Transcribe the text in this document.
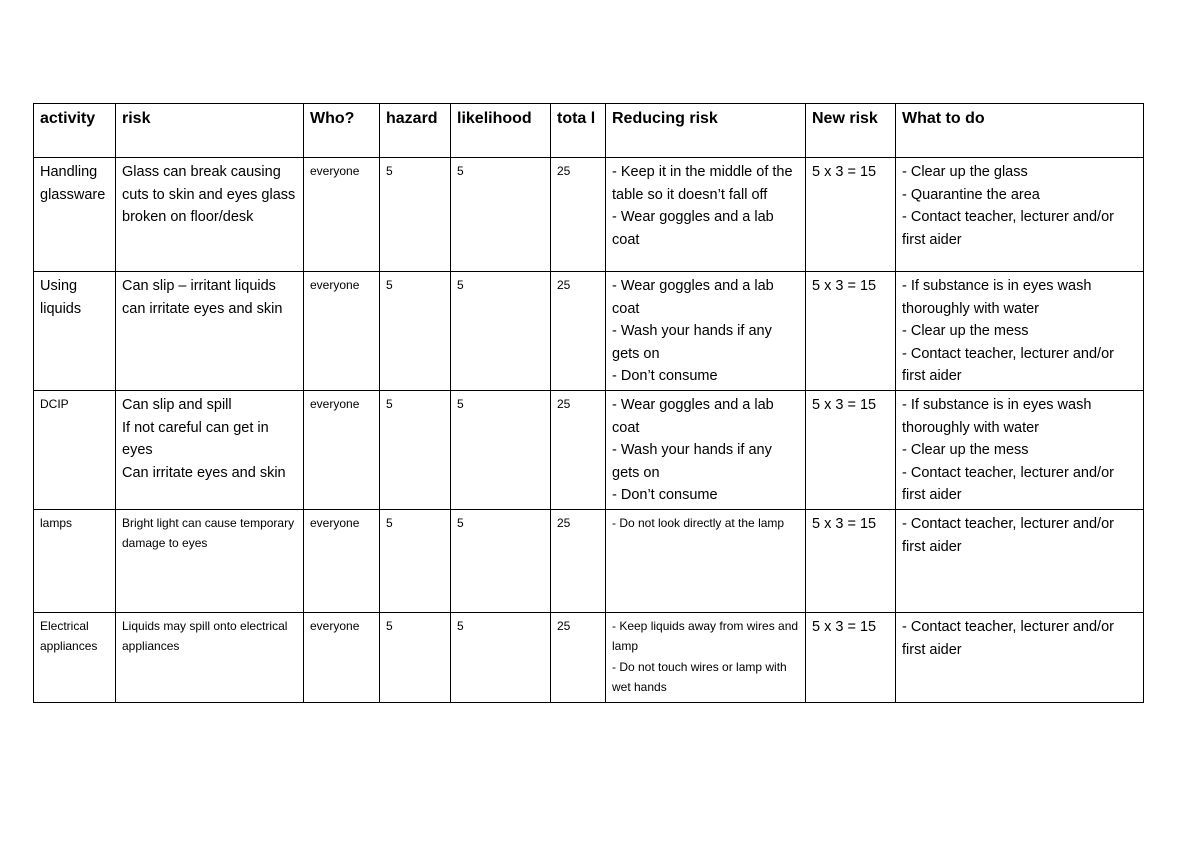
activity	risk	Who?	hazard	likelihood	tota l	Reducing risk	New risk	What to do
Handling glassware	Glass can break causing cuts to skin and eyes glass broken on floor/desk	everyone	5	5	25	- Keep it in the middle of the table so it doesn’t fall off
- Wear goggles and a lab coat	5 x 3 = 15	- Clear up the glass
- Quarantine the area
- Contact teacher, lecturer and/or first aider

Using liquids	Can slip – irritant liquids can irritate eyes and skin	everyone	5	5	25	- Wear goggles and a lab coat
- Wash your hands if any gets on
- Don’t consume	5 x 3 = 15	- If substance is in eyes wash thoroughly with water
- Clear up the mess
- Contact teacher, lecturer and/or first aider

DCIP	Can slip and spill
If not careful can get in eyes
Can irritate eyes and skin	everyone	5	5	25	- Wear goggles and a lab coat
- Wash your hands if any gets on
- Don’t consume	5 x 3 = 15	- If substance is in eyes wash thoroughly with water
- Clear up the mess
- Contact teacher, lecturer and/or first aider

lamps	Bright light can cause temporary damage to eyes	everyone	5	5	25	- Do not look directly at the lamp	5 x 3 = 15	- Contact teacher, lecturer and/or first aider

Electrical appliances	Liquids may spill onto electrical appliances	everyone	5	5	25	- Keep liquids away from wires and lamp
- Do not touch wires or lamp with wet hands	5 x 3 = 15	- Contact teacher, lecturer and/or first aider
